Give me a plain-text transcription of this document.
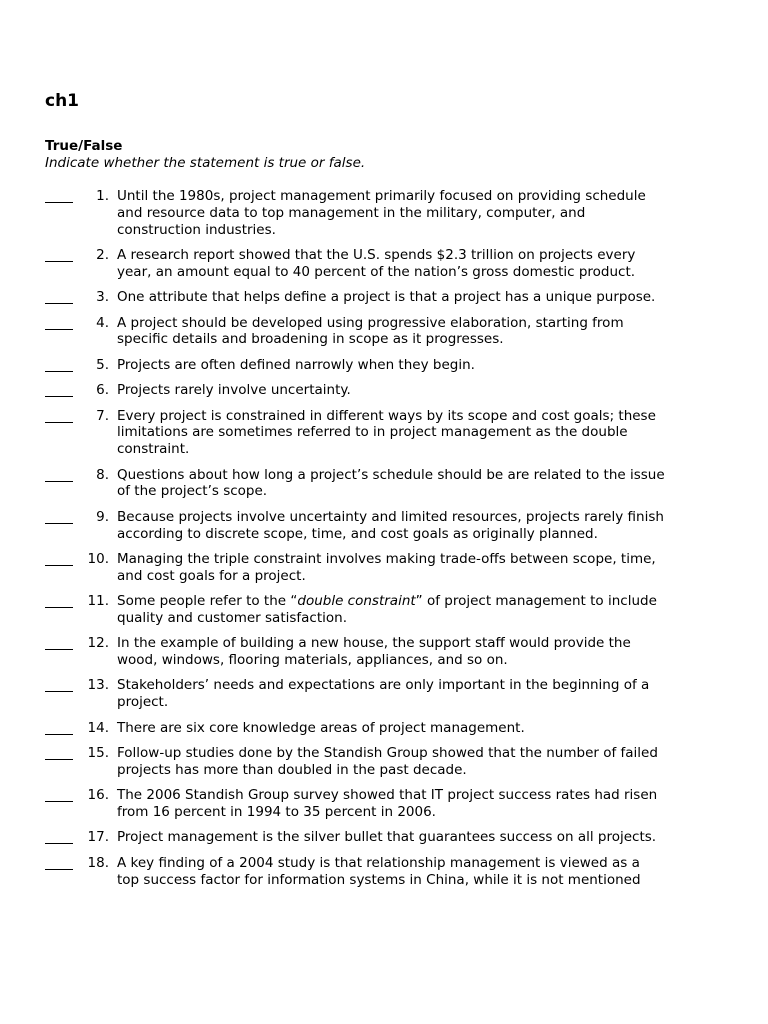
ch1
True/False
Indicate whether the statement is true or false.
1. Until the 1980s, project management primarily focused on providing schedule and resource data to top management in the military, computer, and construction industries.
2. A research report showed that the U.S. spends $2.3 trillion on projects every year, an amount equal to 40 percent of the nation’s gross domestic product.
3. One attribute that helps define a project is that a project has a unique purpose.
4. A project should be developed using progressive elaboration, starting from specific details and broadening in scope as it progresses.
5. Projects are often defined narrowly when they begin.
6. Projects rarely involve uncertainty.
7. Every project is constrained in different ways by its scope and cost goals; these limitations are sometimes referred to in project management as the double constraint.
8. Questions about how long a project’s schedule should be are related to the issue of the project’s scope.
9. Because projects involve uncertainty and limited resources, projects rarely finish according to discrete scope, time, and cost goals as originally planned.
10. Managing the triple constraint involves making trade-offs between scope, time, and cost goals for a project.
11. Some people refer to the “double constraint” of project management to include quality and customer satisfaction.
12. In the example of building a new house, the support staff would provide the wood, windows, flooring materials, appliances, and so on.
13. Stakeholders’ needs and expectations are only important in the beginning of a project.
14. There are six core knowledge areas of project management.
15. Follow-up studies done by the Standish Group showed that the number of failed projects has more than doubled in the past decade.
16. The 2006 Standish Group survey showed that IT project success rates had risen from 16 percent in 1994 to 35 percent in 2006.
17. Project management is the silver bullet that guarantees success on all projects.
18. A key finding of a 2004 study is that relationship management is viewed as a top success factor for information systems in China, while it is not mentioned
